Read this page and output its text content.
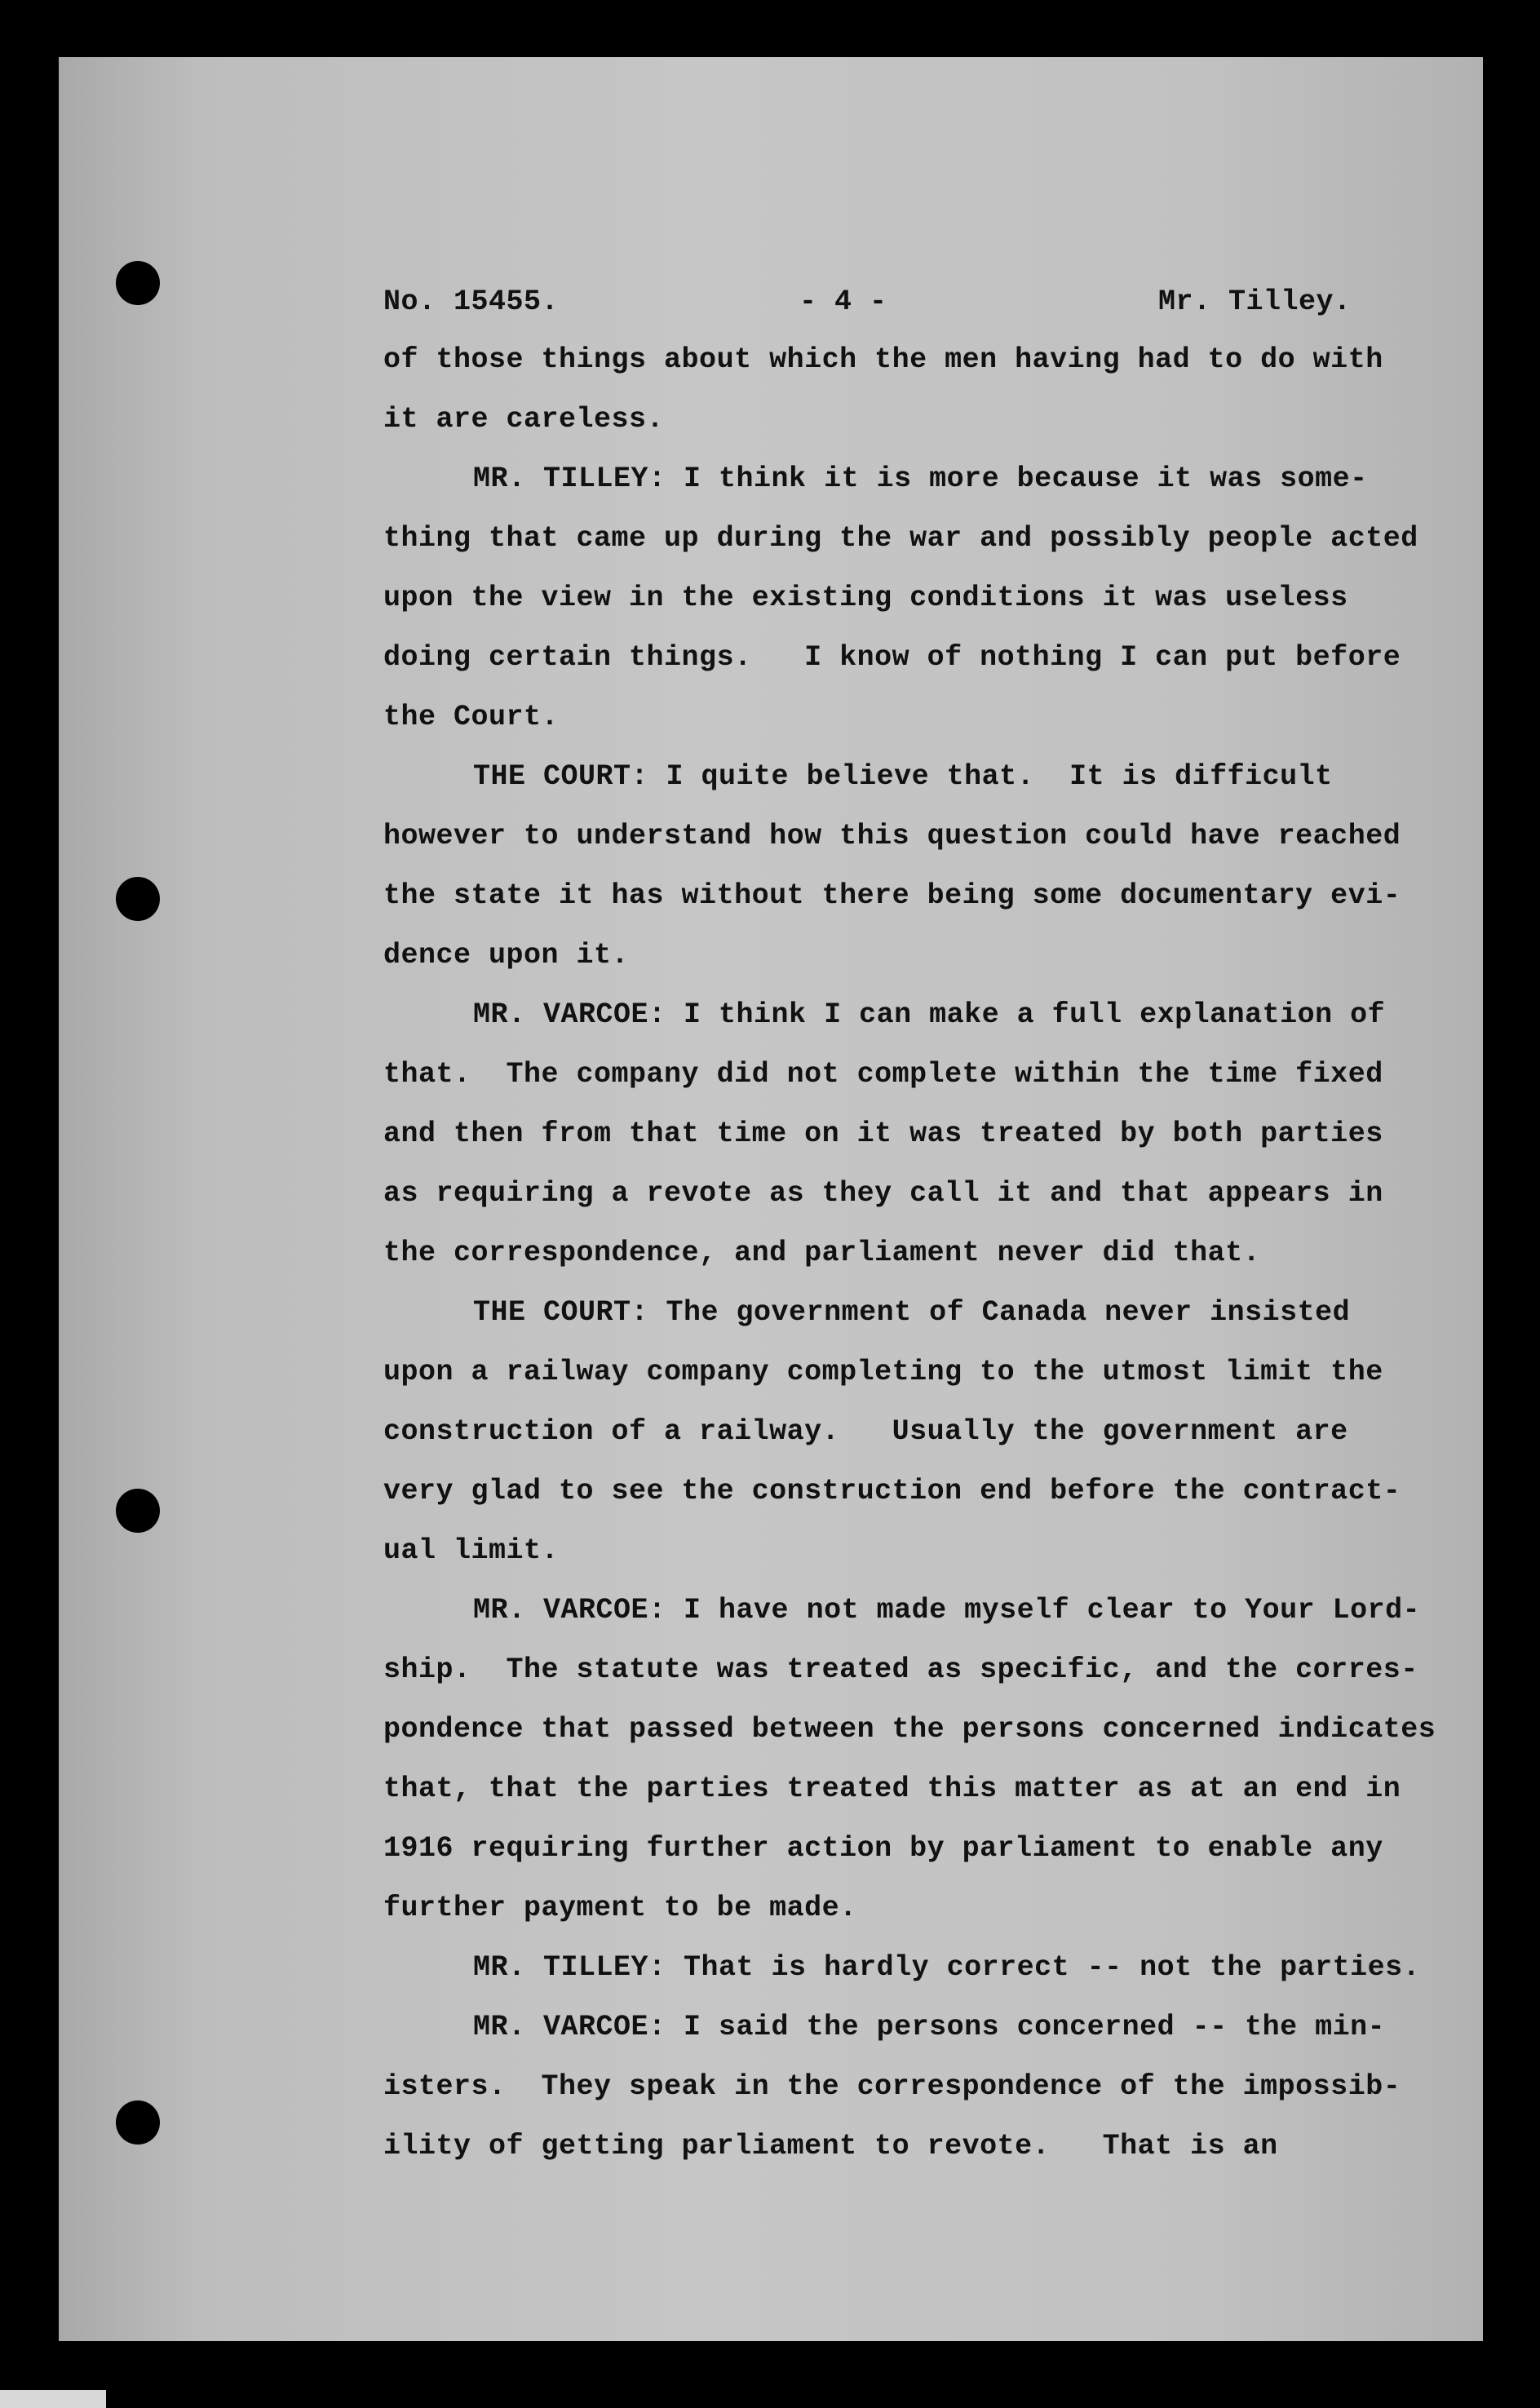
No. 15455.

	- 4 -

	Mr. Tilley.

of those things about which the men having had to do with
it are careless.
MR. TILLEY: I think it is more because it was some-
thing that came up during the war and possibly people acted
upon the view in the existing conditions it was useless
doing certain things.   I know of nothing I can put before
the Court.
THE COURT: I quite believe that.  It is difficult
however to understand how this question could have reached
the state it has without there being some documentary evi-
dence upon it.
MR. VARCOE: I think I can make a full explanation of
that.  The company did not complete within the time fixed
and then from that time on it was treated by both parties
as requiring a revote as they call it and that appears in
the correspondence, and parliament never did that.
THE COURT: The government of Canada never insisted
upon a railway company completing to the utmost limit the
construction of a railway.   Usually the government are
very glad to see the construction end before the contract-
ual limit.
MR. VARCOE: I have not made myself clear to Your Lord-
ship.  The statute was treated as specific, and the corres-
pondence that passed between the persons concerned indicates
that, that the parties treated this matter as at an end in
1916 requiring further action by parliament to enable any
further payment to be made.
MR. TILLEY: That is hardly correct -- not the parties.
MR. VARCOE: I said the persons concerned -- the min-
isters.  They speak in the correspondence of the impossib-
ility of getting parliament to revote.   That is an
